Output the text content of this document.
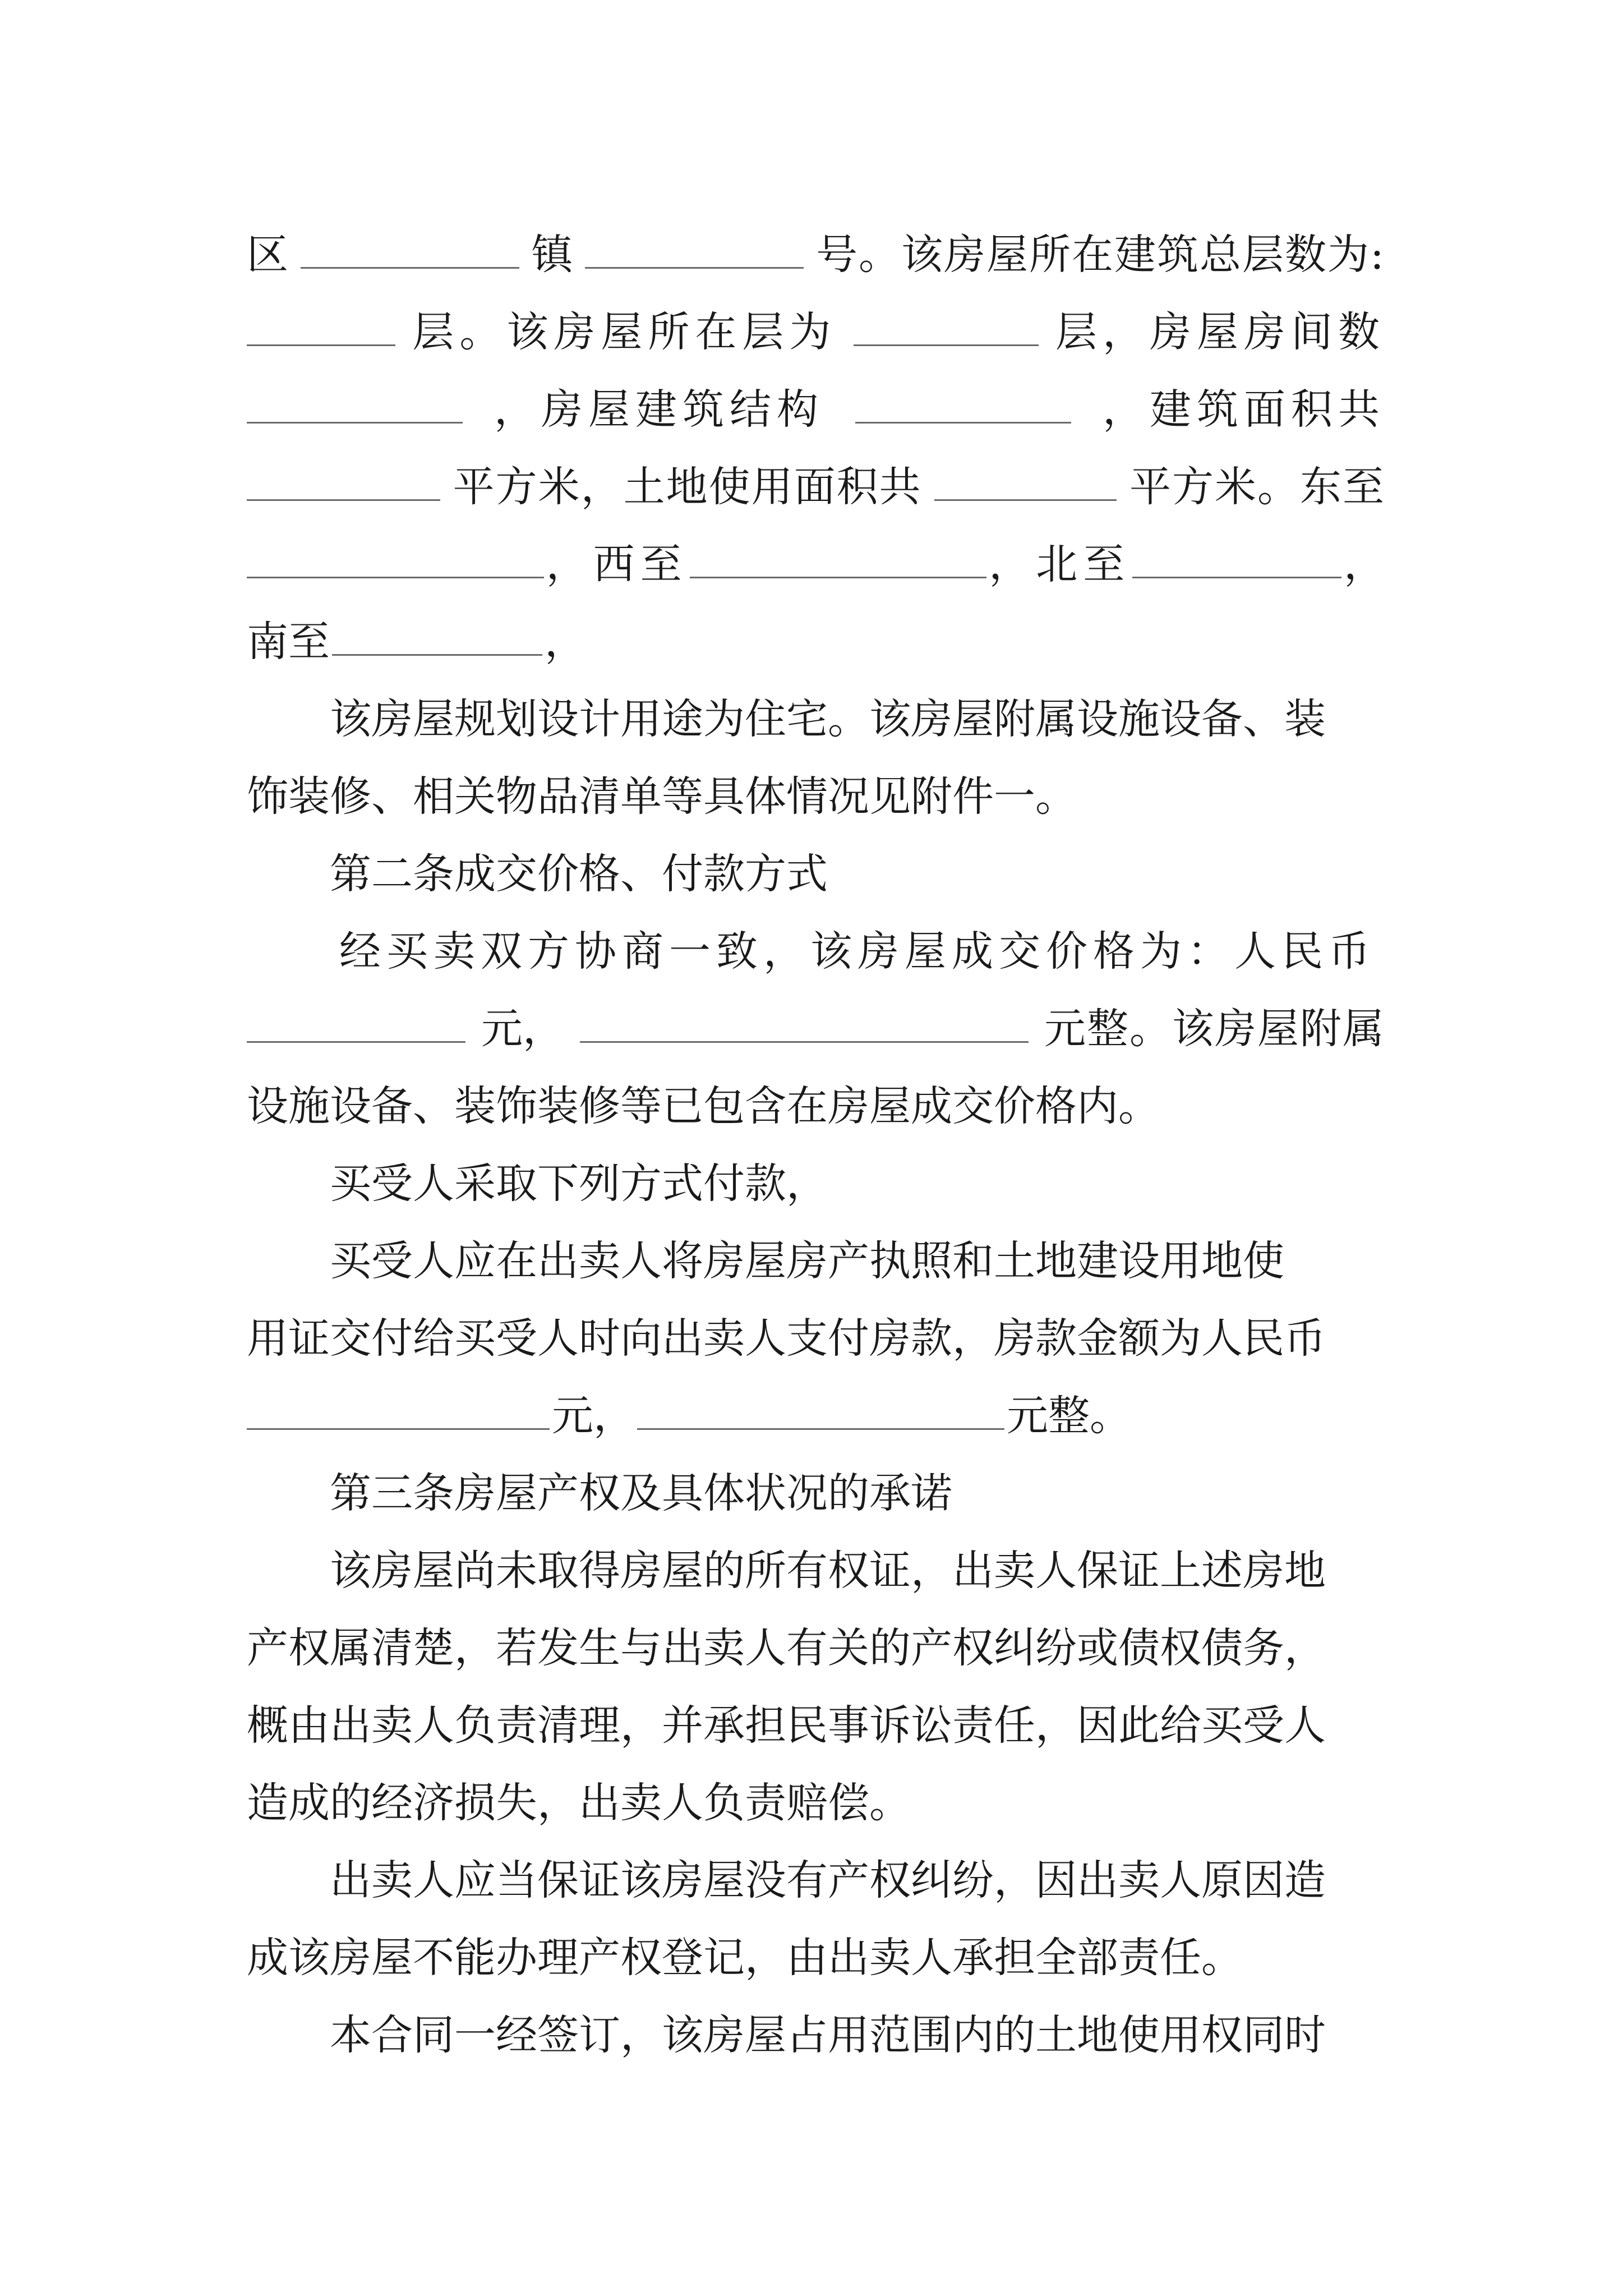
区	镇	号。该房屋所在建筑总层数为:
层。该房屋所在层为	层，房屋房间数
，房屋建筑结构	，建筑面积共
平方米，土地使用面积共	平方米。东至
，西至	，北至	，
南至	，
该房屋规划设计用途为住宅。该房屋附属设施设备、装
饰装修、相关物品清单等具体情况见附件一。
第二条成交价格、付款方式
经买卖双方协商一致，该房屋成交价格为：人民币
元，	元整。该房屋附属
设施设备、装饰装修等已包含在房屋成交价格内。
买受人采取下列方式付款，
买受人应在出卖人将房屋房产执照和土地建设用地使
用证交付给买受人时向出卖人支付房款，房款金额为人民币
元，	元整。
第三条房屋产权及具体状况的承诺
该房屋尚未取得房屋的所有权证，出卖人保证上述房地
产权属清楚，若发生与出卖人有关的产权纠纷或债权债务，
概由出卖人负责清理，并承担民事诉讼责任，因此给买受人
造成的经济损失，出卖人负责赔偿。
出卖人应当保证该房屋没有产权纠纷，因出卖人原因造
成该房屋不能办理产权登记，由出卖人承担全部责任。
本合同一经签订，该房屋占用范围内的土地使用权同时
